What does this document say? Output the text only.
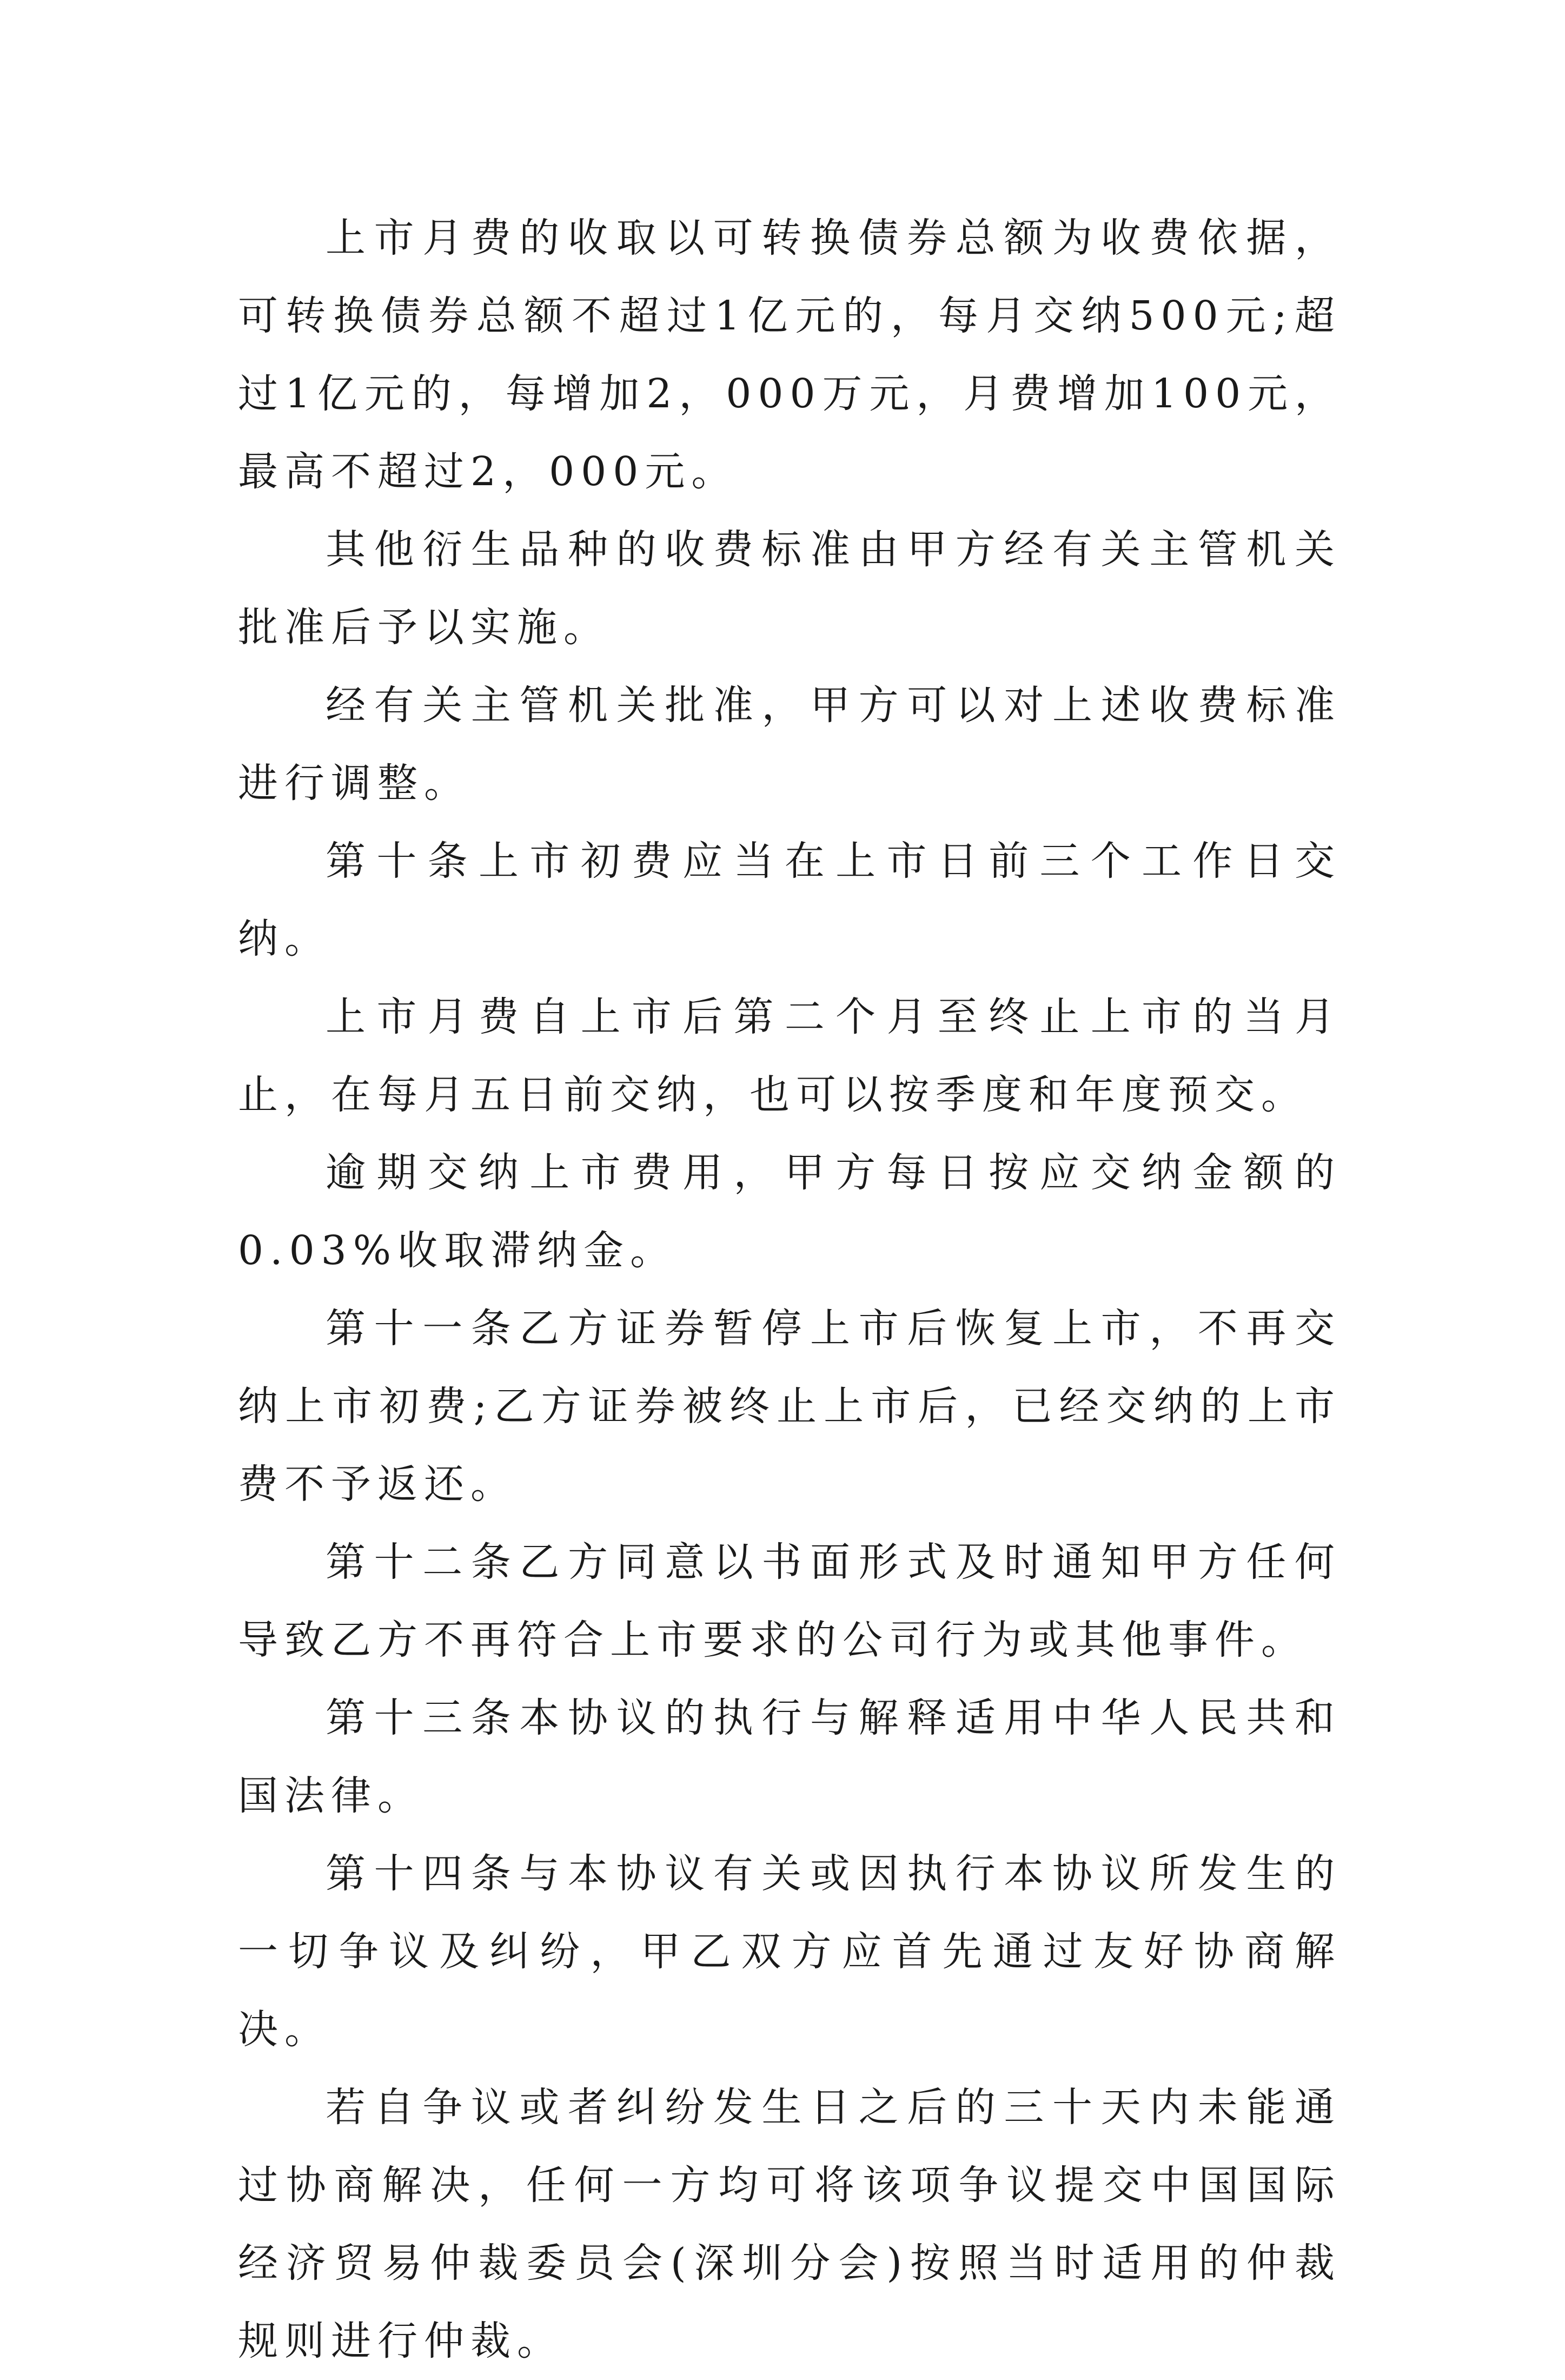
上市月费的收取以可转换债券总额为收费依据，可转换债券总额不超过1亿元的，每月交纳500元;超过1亿元的，每增加2，000万元，月费增加100元，最高不超过2，000元。

其他衍生品种的收费标准由甲方经有关主管机关批准后予以实施。

经有关主管机关批准，甲方可以对上述收费标准进行调整。

第十条上市初费应当在上市日前三个工作日交纳。

上市月费自上市后第二个月至终止上市的当月止，在每月五日前交纳，也可以按季度和年度预交。

逾期交纳上市费用，甲方每日按应交纳金额的0.03%收取滞纳金。

第十一条乙方证券暂停上市后恢复上市，不再交纳上市初费;乙方证券被终止上市后，已经交纳的上市费不予返还。

第十二条乙方同意以书面形式及时通知甲方任何导致乙方不再符合上市要求的公司行为或其他事件。

第十三条本协议的执行与解释适用中华人民共和国法律。

第十四条与本协议有关或因执行本协议所发生的一切争议及纠纷，甲乙双方应首先通过友好协商解决。

若自争议或者纠纷发生日之后的三十天内未能通过协商解决，任何一方均可将该项争议提交中国国际经济贸易仲裁委员会(深圳分会)按照当时适用的仲裁规则进行仲裁。
